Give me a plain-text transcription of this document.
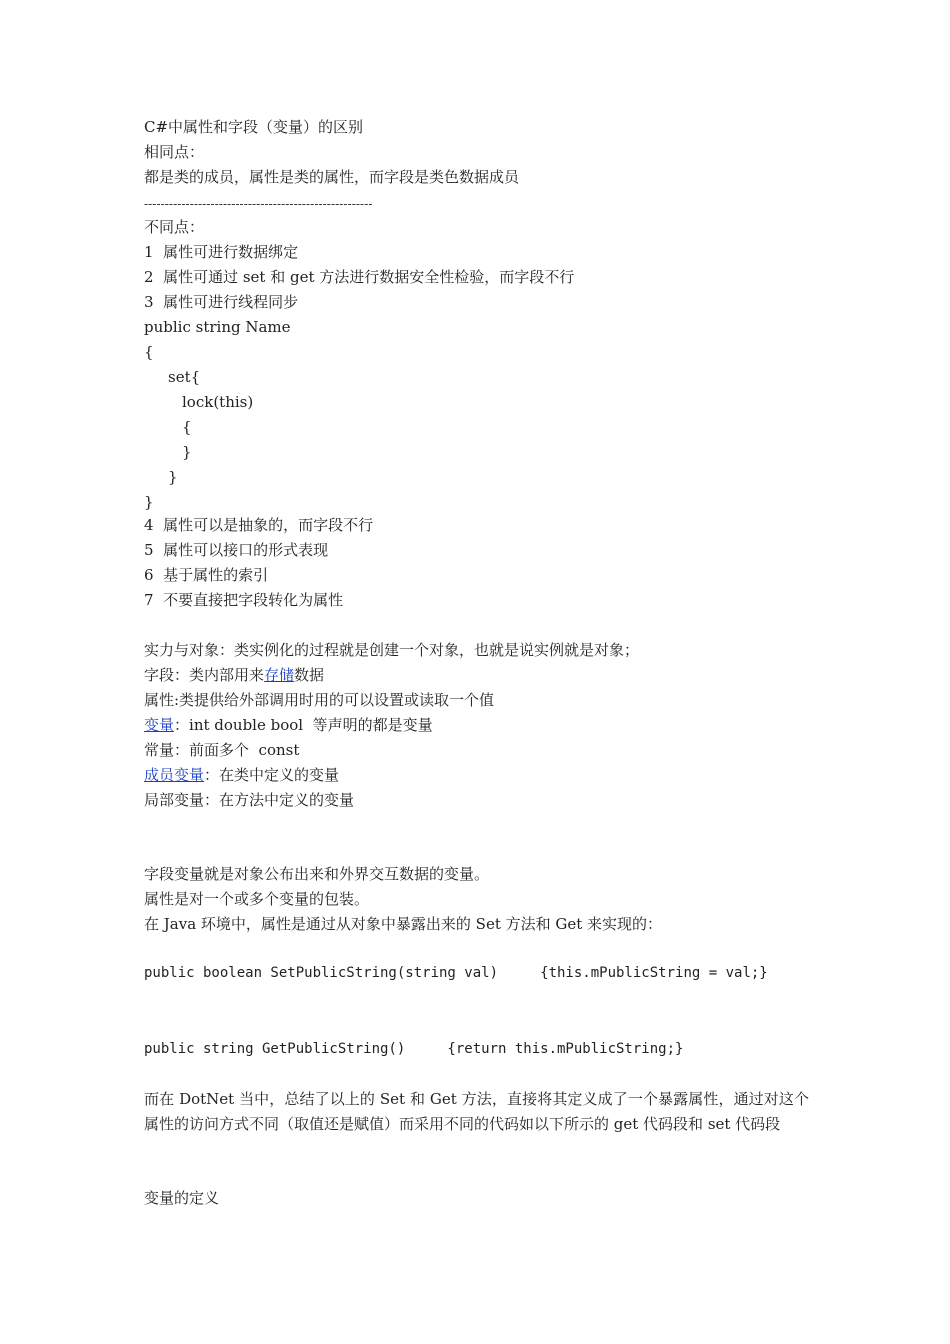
C#中属性和字段（变量）的区别
相同点：
都是类的成员，属性是类的属性，而字段是类色数据成员
-------------------------------------------------------
不同点：
1  属性可进行数据绑定
2  属性可通过 set 和 get 方法进行数据安全性检验，而字段不行
3  属性可进行线程同步
public string Name
{
set{
lock(this)
{
}
}
}
4  属性可以是抽象的，而字段不行
5  属性可以接口的形式表现
6  基于属性的索引
7  不要直接把字段转化为属性
实力与对象：类实例化的过程就是创建一个对象，也就是说实例就是对象；
字段：类内部用来存储数据
属性:类提供给外部调用时用的可以设置或读取一个值
变量：int double bool  等声明的都是变量
常量：前面多个  const
成员变量：在类中定义的变量
局部变量：在方法中定义的变量
字段变量就是对象公布出来和外界交互数据的变量。
属性是对一个或多个变量的包装。
在 Java 环境中，属性是通过从对象中暴露出来的 Set 方法和 Get 来实现的：
public boolean SetPublicString(string val)     {this.mPublicString = val;}
public string GetPublicString()     {return this.mPublicString;}
而在 DotNet 当中，总结了以上的 Set 和 Get 方法，直接将其定义成了一个暴露属性，通过对这个属性的访问方式不同（取值还是赋值）而采用不同的代码如以下所示的 get 代码段和 set 代码段
变量的定义
